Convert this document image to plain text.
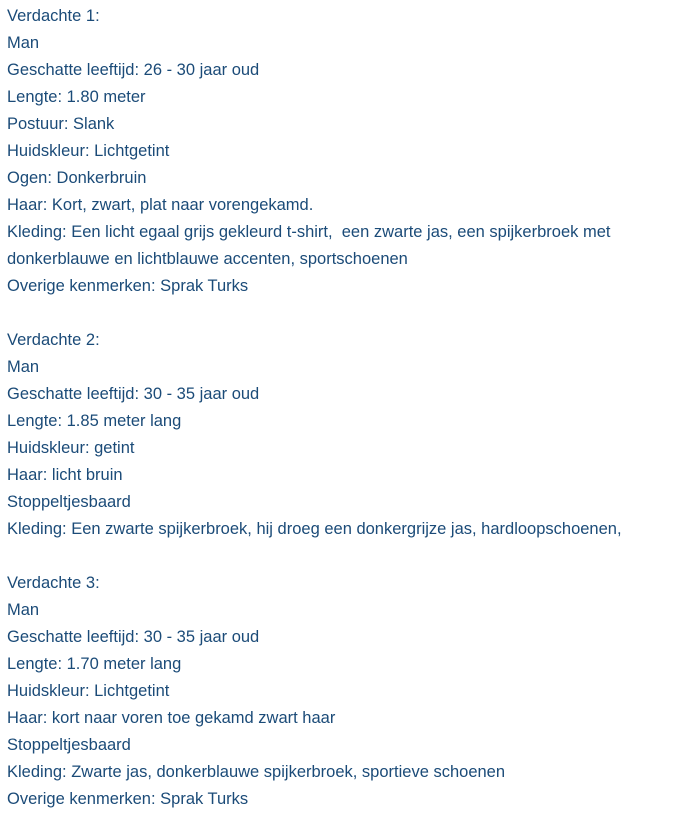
Verdachte 1:
Man
Geschatte leeftijd: 26 - 30 jaar oud
Lengte: 1.80 meter
Postuur: Slank
Huidskleur: Lichtgetint
Ogen: Donkerbruin
Haar: Kort, zwart, plat naar vorengekamd.
Kleding: Een licht egaal grijs gekleurd t-shirt,  een zwarte jas, een spijkerbroek met
donkerblauwe en lichtblauwe accenten, sportschoenen
Overige kenmerken: Sprak Turks
Verdachte 2:
Man
Geschatte leeftijd: 30 - 35 jaar oud
Lengte: 1.85 meter lang
Huidskleur: getint
Haar: licht bruin
Stoppeltjesbaard
Kleding: Een zwarte spijkerbroek, hij droeg een donkergrijze jas, hardloopschoenen,
Verdachte 3:
Man
Geschatte leeftijd: 30 - 35 jaar oud
Lengte: 1.70 meter lang
Huidskleur: Lichtgetint
Haar: kort naar voren toe gekamd zwart haar
Stoppeltjesbaard
Kleding: Zwarte jas, donkerblauwe spijkerbroek, sportieve schoenen
Overige kenmerken: Sprak Turks
